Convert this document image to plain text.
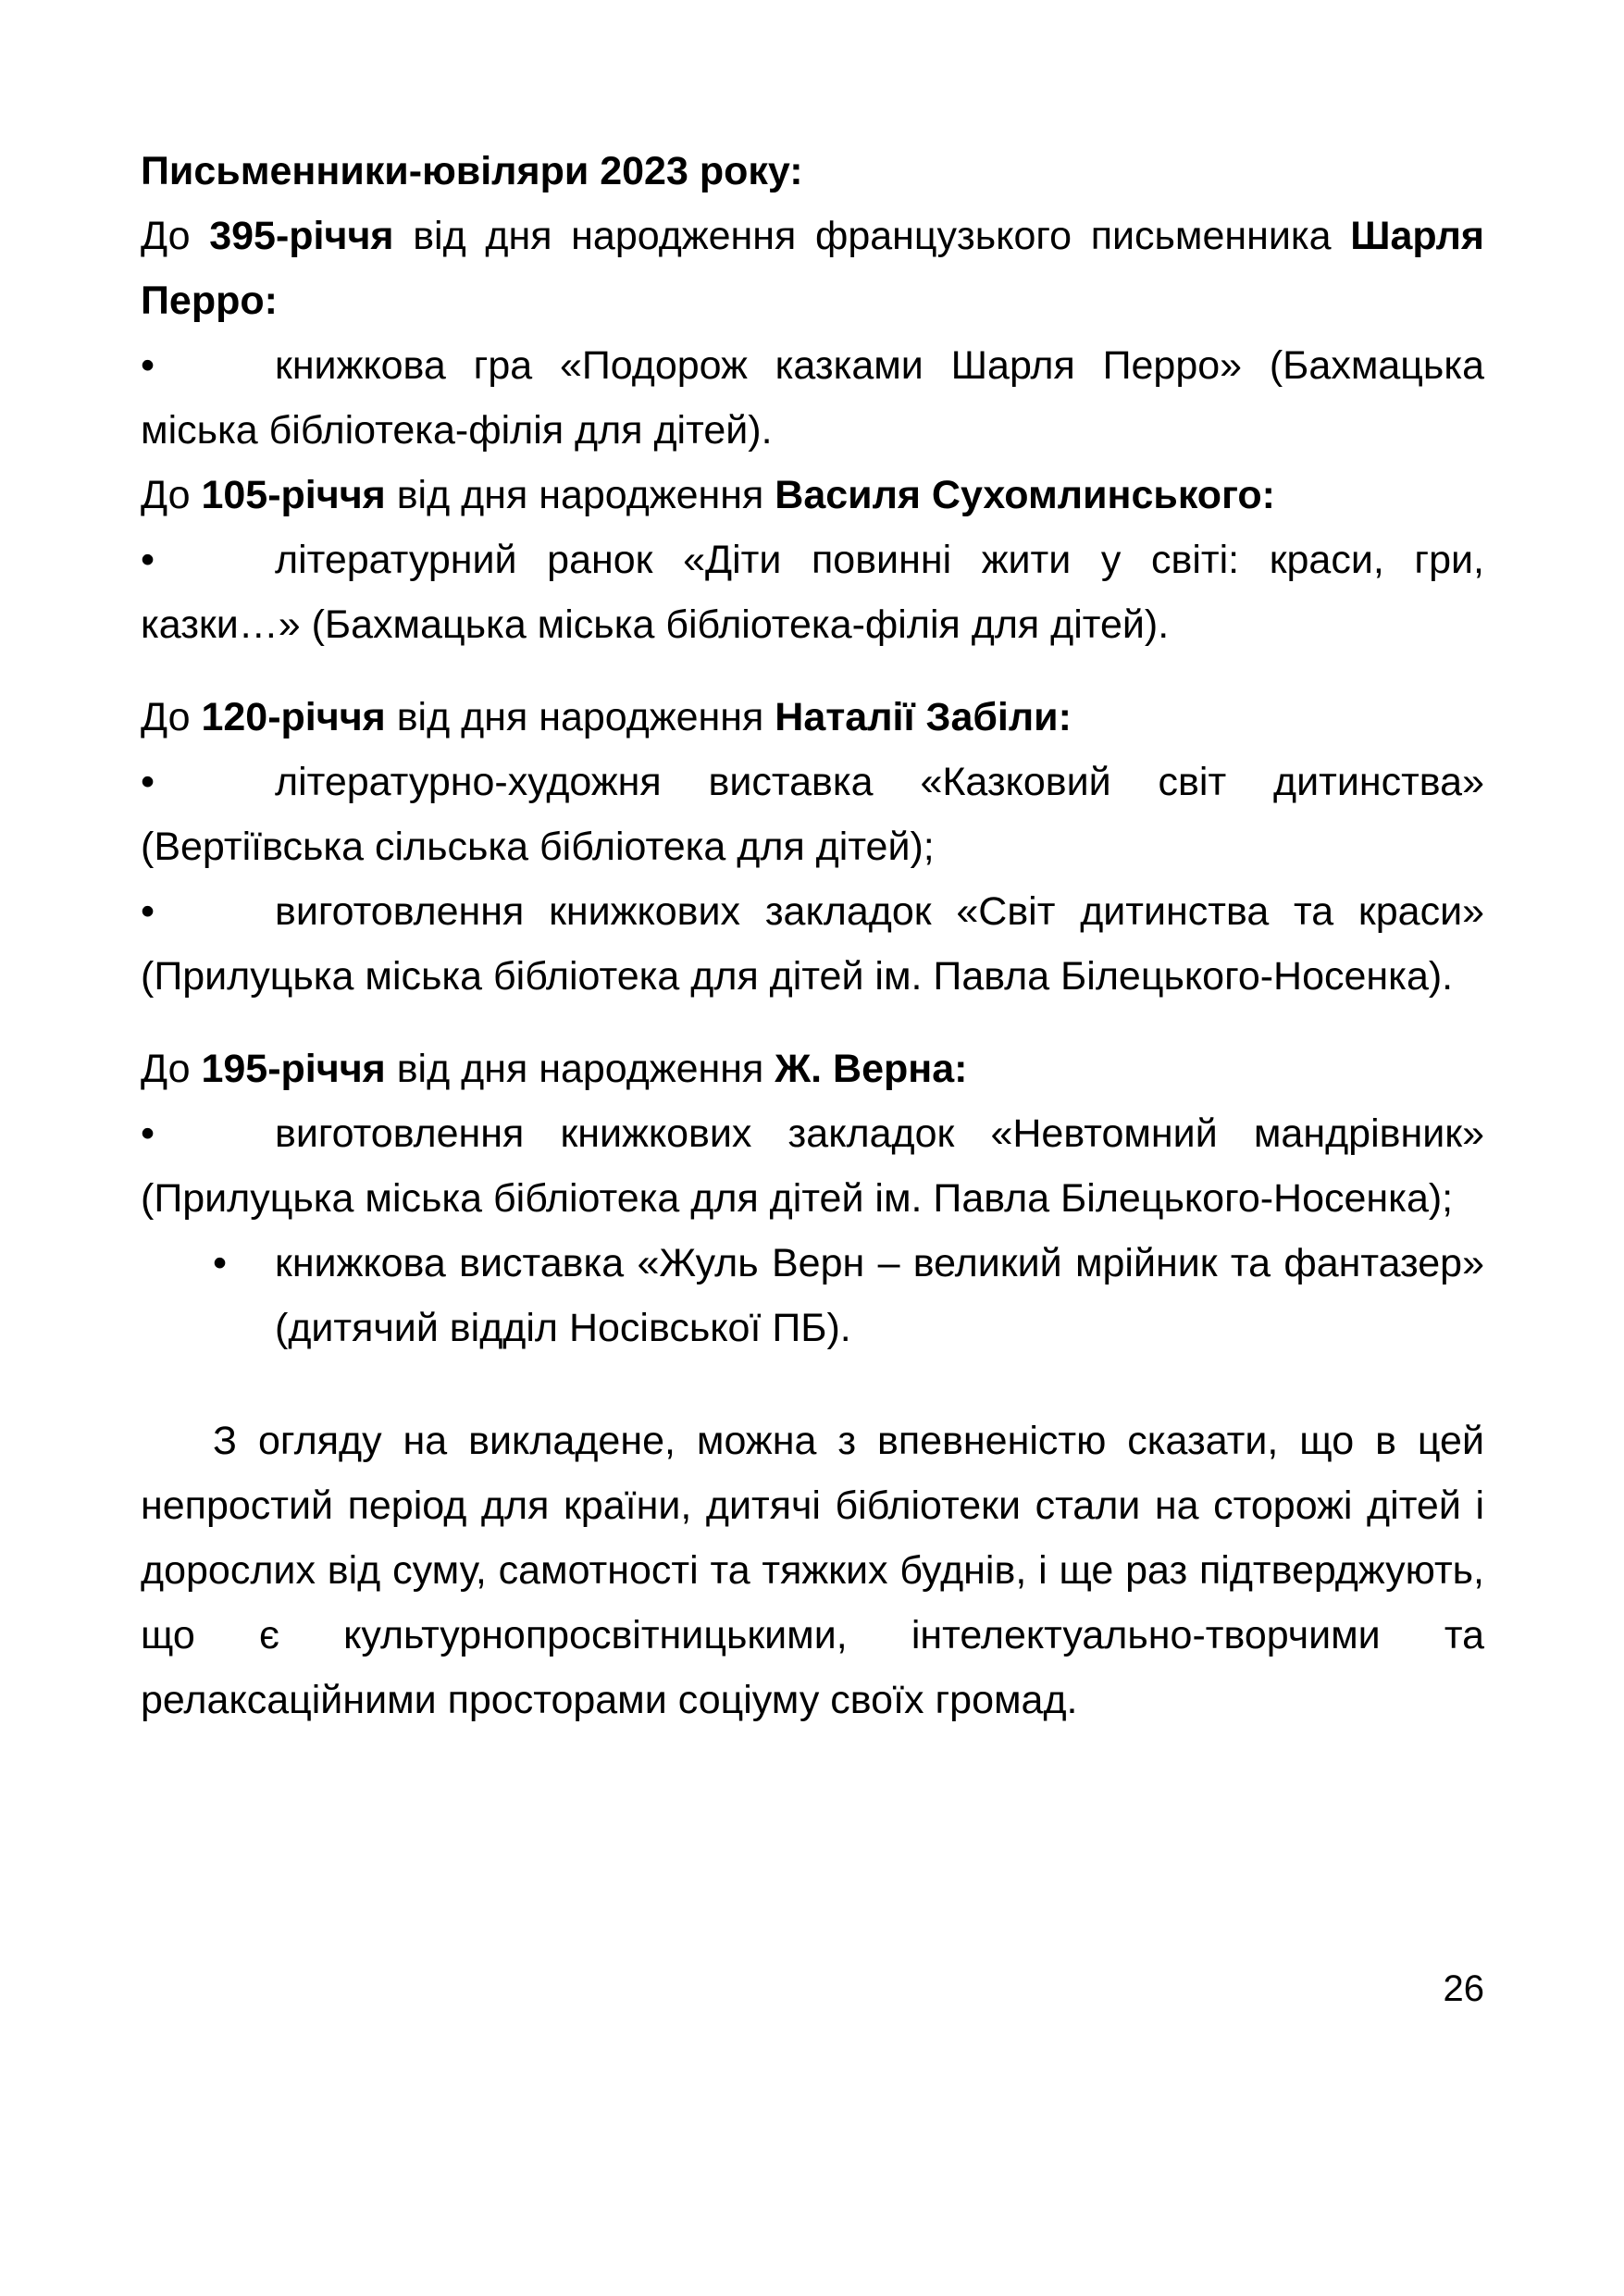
Письменники-ювіляри 2023 року:

До 395-річчя від дня народження французького письменника Шарля Перро:

•	книжкова гра «Подорож казками Шарля Перро» (Бахмацька міська бібліотека-філія для дітей).

До 105-річчя від дня народження Василя Сухомлинського:

•	літературний ранок «Діти повинні жити у світі: краси, гри, казки…» (Бахмацька міська бібліотека-філія для дітей).

До 120-річчя від дня народження Наталії Забіли:

•	літературно-художня виставка «Казковий світ дитинства» (Вертіївська сільська бібліотека для дітей);

•	виготовлення книжкових закладок «Світ дитинства та краси» (Прилуцька міська бібліотека для дітей ім. Павла Білецького-Носенка).

До 195-річчя від дня народження Ж. Верна:

•	виготовлення книжкових закладок «Невтомний мандрівник» (Прилуцька міська бібліотека для дітей ім. Павла Білецького-Носенка);

• книжкова виставка «Жуль Верн – великий мрійник та фантазер» (дитячий відділ Носівської ПБ).

З огляду на викладене, можна з впевненістю сказати, що в цей непростий період для країни, дитячі бібліотеки стали на сторожі дітей і дорослих від суму, самотності та тяжких буднів, і ще раз підтверджують, що є культурнопросвітницькими, інтелектуально-творчими та релаксаційними просторами соціуму своїх громад.

26
